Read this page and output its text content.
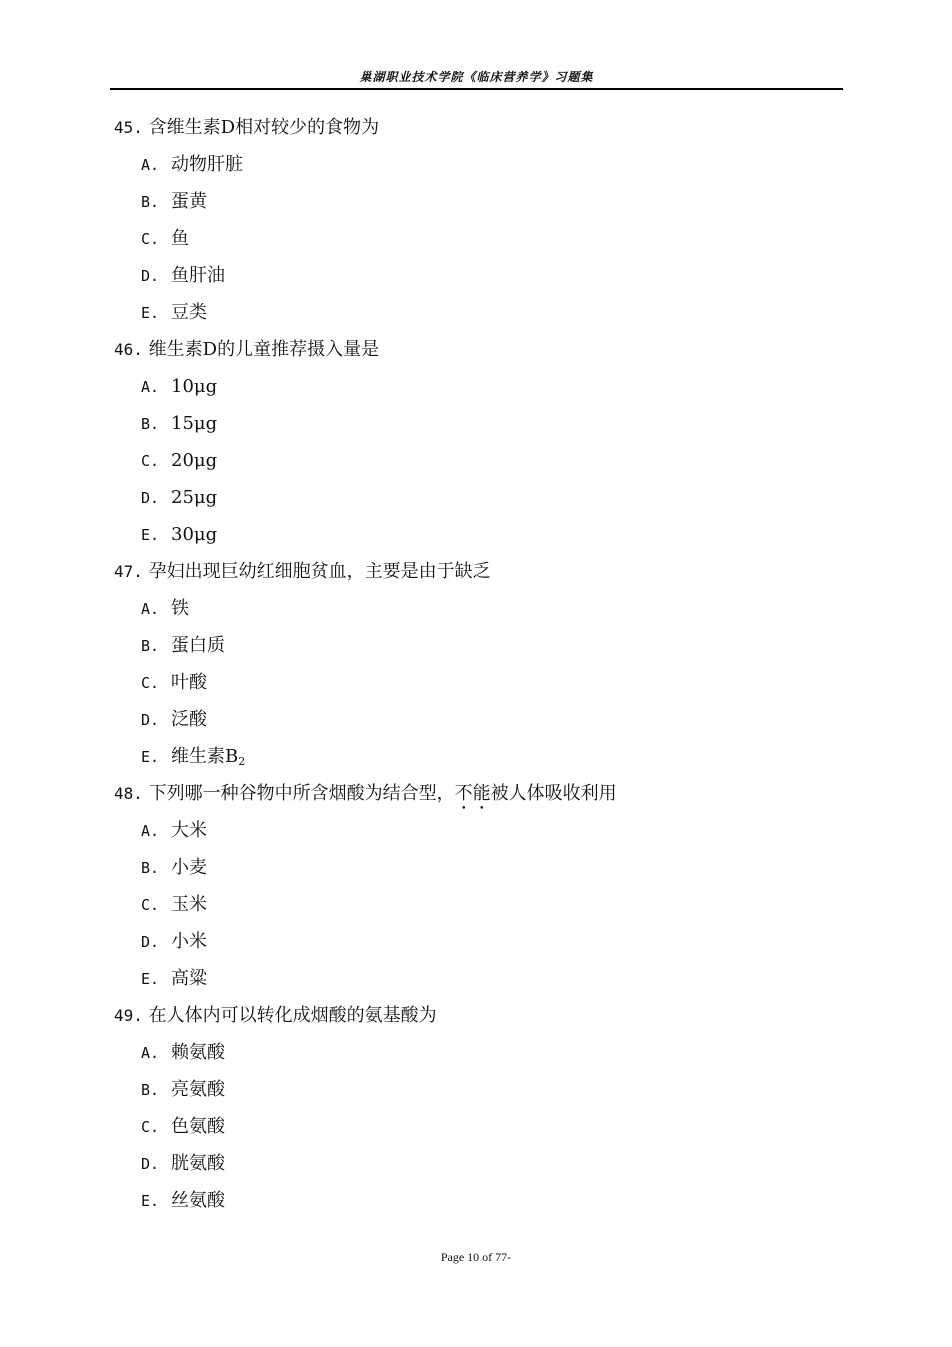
巢湖职业技术学院《临床营养学》习题集
45. 含维生素D相对较少的食物为
A. 动物肝脏
B. 蛋黄
C. 鱼
D. 鱼肝油
E. 豆类
46. 维生素D的儿童推荐摄入量是
A. 10μg
B. 15μg
C. 20μg
D. 25μg
E. 30μg
47. 孕妇出现巨幼红细胞贫血，主要是由于缺乏
A. 铁
B. 蛋白质
C. 叶酸
D. 泛酸
E. 维生素$B_2$
48. 下列哪一种谷物中所含烟酸为结合型，不能被人体吸收利用
A. 大米
B. 小麦
C. 玉米
D. 小米
E. 高粱
49. 在人体内可以转化成烟酸的氨基酸为
A. 赖氨酸
B. 亮氨酸
C. 色氨酸
D. 胱氨酸
E. 丝氨酸
Page 10 of 77-
